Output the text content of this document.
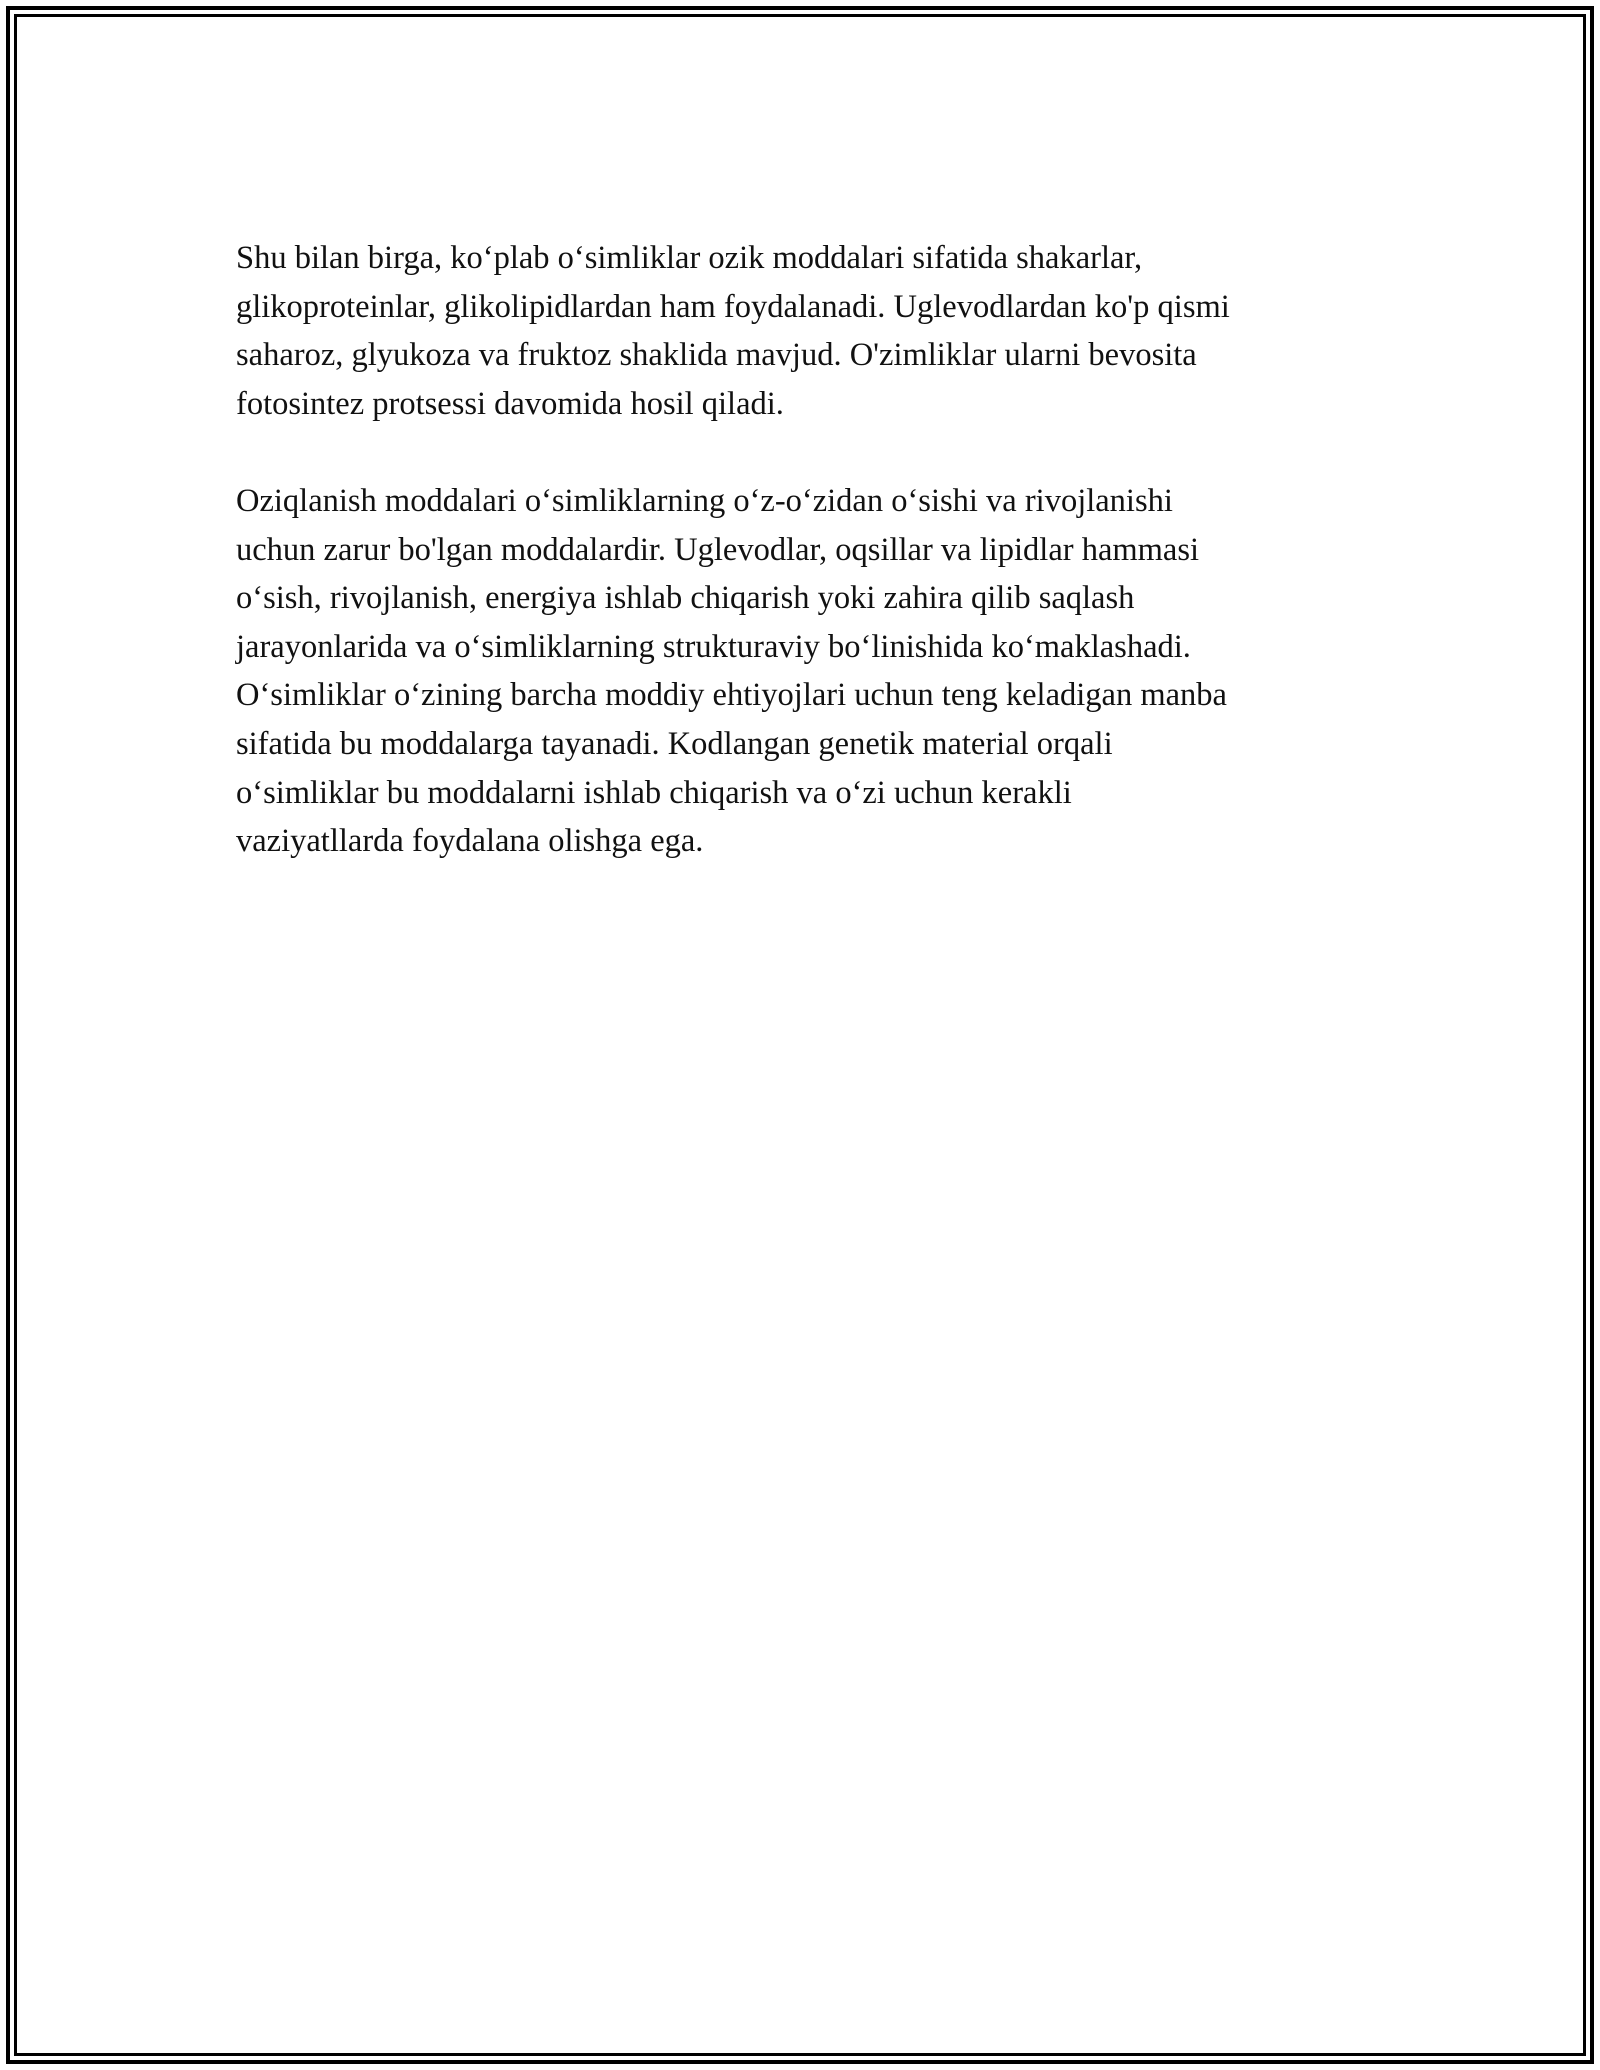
Shu bilan birga, ko‘plab o‘simliklar ozik moddalari sifatida shakarlar,
glikoproteinlar, glikolipidlardan ham foydalanadi. Uglevodlardan ko'p qismi
saharoz, glyukoza va fruktoz shaklida mavjud. O'zimliklar ularni bevosita
fotosintez protsessi davomida hosil qiladi.

Oziqlanish moddalari o‘simliklarning o‘z-o‘zidan o‘sishi va rivojlanishi
uchun zarur bo'lgan moddalardir. Uglevodlar, oqsillar va lipidlar hammasi
o‘sish, rivojlanish, energiya ishlab chiqarish yoki zahira qilib saqlash
jarayonlarida va o‘simliklarning strukturaviy bo‘linishida ko‘maklashadi.
O‘simliklar o‘zining barcha moddiy ehtiyojlari uchun teng keladigan manba
sifatida bu moddalarga tayanadi. Kodlangan genetik material orqali
o‘simliklar bu moddalarni ishlab chiqarish va o‘zi uchun kerakli
vaziyatllarda foydalana olishga ega.
